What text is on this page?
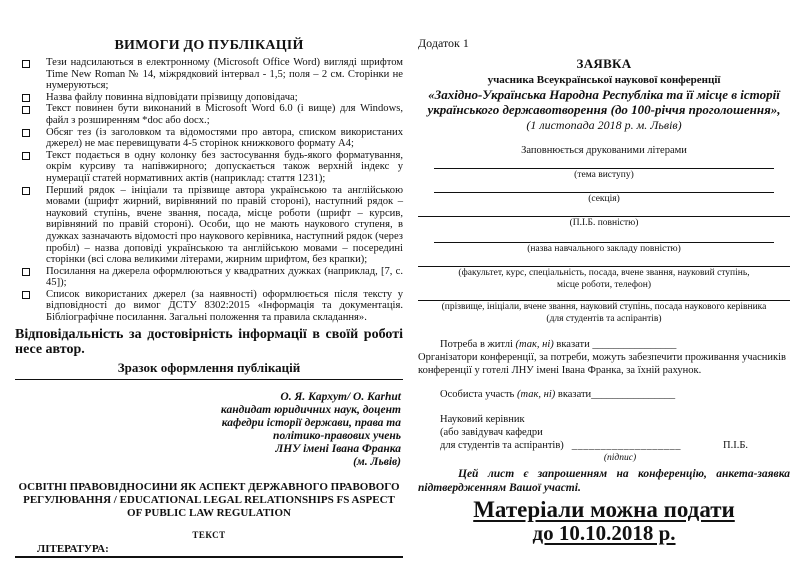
ВИМОГИ ДО ПУБЛІКАЦІЙ
Тези надсилаються в електронному (Microsoft Office Word) вигляді шрифтом Time New Roman № 14, міжрядковий інтервал - 1,5; поля – 2 см. Сторінки не нумеруються;
Назва файлу повинна відповідати прізвищу доповідача;
Текст повинен бути виконаний в Microsoft Word 6.0 (і вище) для Windows, файл з розширенням *doc або docx.;
Обсяг тез (із заголовком та відомостями про автора, списком використаних джерел) не має перевищувати 4-5 сторінок книжкового формату А4;
Текст подається в одну колонку без застосування будь-якого форматування, окрім курсиву та напівжирного; допускається також верхній індекс у нумерації статей нормативних актів (наприклад: стаття 1231);
Перший рядок – ініціали та прізвище автора українською та англійською мовами (шрифт жирний, вирівняний по правій стороні), наступний рядок – науковий ступінь, вчене звання, посада, місце роботи (шрифт – курсив, вирівняний по правій стороні). Особи, що не мають наукового ступеня, в дужках зазначають відомості про наукового керівника, наступний рядок (через пробіл) – назва доповіді українською та англійською мовами – посередині сторінки (всі слова великими літерами, жирним шрифтом, без крапки);
Посилання на джерела оформлюються у квадратних дужках (наприклад, [7, с. 45]);
Список використаних джерел (за наявності) оформлюється після тексту у відповідності до вимог ДСТУ 8302:2015 «Інформація та документація. Бібліографічне посилання. Загальні положення та правила складання».
Відповідальність за достовірність інформації в своїй роботі несе автор.
Зразок оформлення публікацій
О. Я. Кархут/ O. Karhut
кандидат юридичних наук, доцент
кафедри історії держави, права та
політико-правових учень
ЛНУ імені Івана Франка
(м. Львів)
ОСВІТНІ ПРАВОВІДНОСИНИ ЯК АСПЕКТ ДЕРЖАВНОГО ПРАВОВОГО РЕГУЛЮВАННЯ / EDUCATIONAL LEGAL RELATIONSHIPS FS ASPECT OF PUBLIC LAW REGULATION
ТЕКСТ
ЛІТЕРАТУРА:
Додаток 1
ЗАЯВКА
учасника Всеукраїнської наукової конференції
«Західно-Українська Народна Республіка та її місце в історії українського державотворення (до 100-річчя проголошення»,
(1 листопада 2018 р. м. Львів)
Заповнюється друкованими літерами
(тема виступу)
(секція)
(П.І.Б. повністю)
(назва навчального закладу повністю)
(факультет, курс, спеціальність, посада, вчене звання, науковий ступінь,
місце роботи, телефон)
(прізвище, ініціали, вчене звання, науковий ступінь, посада наукового керівника
(для студентів та аспірантів)
Потреба в житлі (так, ні) вказати ________________
Організатори конференції, за потреби, можуть забезпечити проживання учасників конференції у готелі ЛНУ імені Івана Франка, за їхній рахунок.
Особиста участь (так, ні) вказати________________
Науковий керівник
(або завідувач кафедри
для студентів та аспірантів) ___________________	П.І.Б.
(підпис)
Цей лист є запрошенням на конференцію, анкета-заявка підтвердженням Вашої участі.
Матеріали можна подати
до 10.10.2018 р.
